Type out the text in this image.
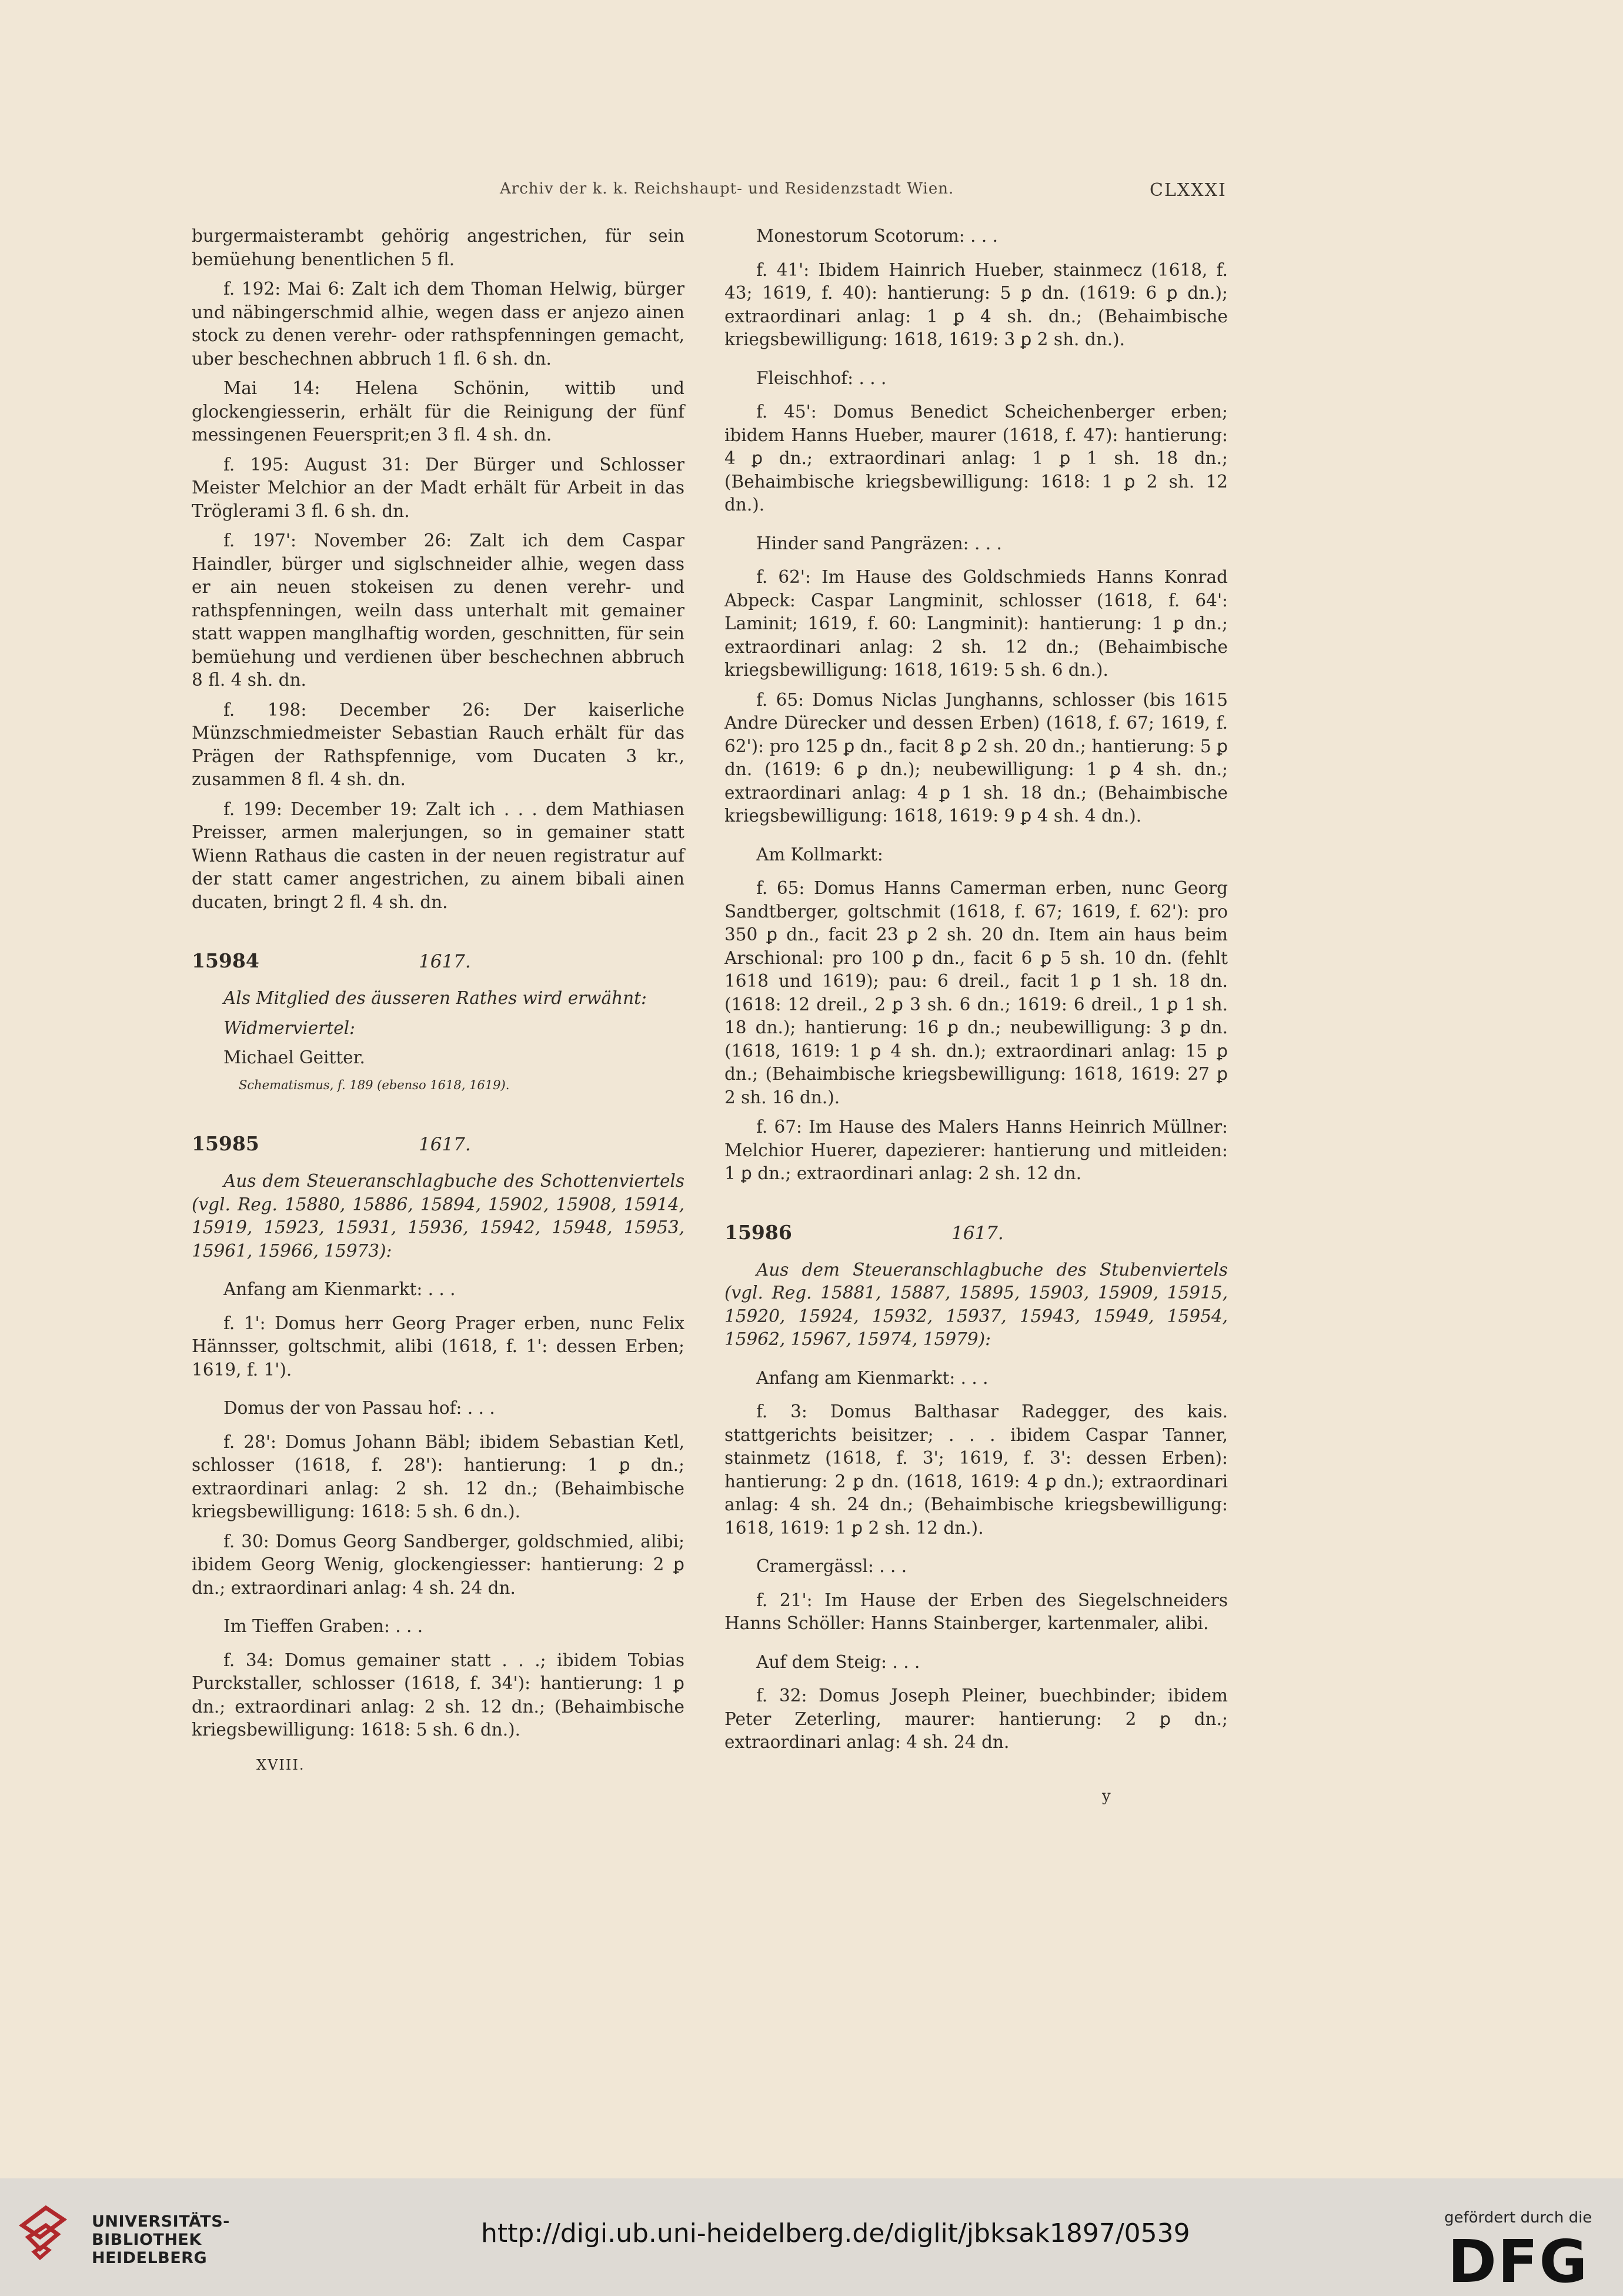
Archiv der k. k. Reichshaupt- und Residenzstadt Wien.	CLXXXI

burgermaisterambt gehörig angestrichen, für sein bemüehung benentlichen 5 fl.

f. 192: Mai 6: Zalt ich dem Thoman Helwig, bürger und näbingerschmid alhie, wegen dass er anjezo ainen stock zu denen verehr- oder rathspfenningen gemacht, uber beschechnen abbruch 1 fl. 6 sh. dn.

Mai 14: Helena Schönin, wittib und glockengiesserin, erhält für die Reinigung der fünf messingenen Feuersprit;en 3 fl. 4 sh. dn.

f. 195: August 31: Der Bürger und Schlosser Meister Melchior an der Madt erhält für Arbeit in das Tröglerami 3 fl. 6 sh. dn.

f. 197': November 26: Zalt ich dem Caspar Haindler, bürger und siglschneider alhie, wegen dass er ain neuen stokeisen zu denen verehr- und rathspfenningen, weiln dass unterhalt mit gemainer statt wappen manglhaftig worden, geschnitten, für sein bemüehung und verdienen über beschechnen abbruch 8 fl. 4 sh. dn.

f. 198: December 26: Der kaiserliche Münzschmiedmeister Sebastian Rauch erhält für das Prägen der Rathspfennige, vom Ducaten 3 kr., zusammen 8 fl. 4 sh. dn.

f. 199: December 19: Zalt ich . . . dem Mathiasen Preisser, armen malerjungen, so in gemainer statt Wienn Rathaus die casten in der neuen registratur auf der statt camer angestrichen, zu ainem bibali ainen ducaten, bringt 2 fl. 4 sh. dn.

15984	1617.

Als Mitglied des äusseren Rathes wird erwähnt:

Widmerviertel:

Michael Geitter.

Schematismus, f. 189 (ebenso 1618, 1619).
15985	1617.

Aus dem Steueranschlagbuche des Schottenviertels (vgl. Reg. 15880, 15886, 15894, 15902, 15908, 15914, 15919, 15923, 15931, 15936, 15942, 15948, 15953, 15961, 15966, 15973):

Anfang am Kienmarkt: . . .

f. 1': Domus herr Georg Prager erben, nunc Felix Hännsser, goltschmit, alibi (1618, f. 1': dessen Erben; 1619, f. 1').

Domus der von Passau hof: . . .

f. 28': Domus Johann Bäbl; ibidem Sebastian Ketl, schlosser (1618, f. 28'): hantierung: 1 ꝑ dn.; extraordinari anlag: 2 sh. 12 dn.; (Behaimbische kriegsbewilligung: 1618: 5 sh. 6 dn.).

f. 30: Domus Georg Sandberger, goldschmied, alibi; ibidem Georg Wenig, glockengiesser: hantierung: 2 ꝑ dn.; extraordinari anlag: 4 sh. 24 dn.

Im Tieffen Graben: . . .

f. 34: Domus gemainer statt . . .; ibidem Tobias Purckstaller, schlosser (1618, f. 34'): hantierung: 1 ꝑ dn.; extraordinari anlag: 2 sh. 12 dn.; (Behaimbische kriegsbewilligung: 1618: 5 sh. 6 dn.).

XVIII.

Monestorum Scotorum: . . .

f. 41': Ibidem Hainrich Hueber, stainmecz (1618, f. 43; 1619, f. 40): hantierung: 5 ꝑ dn. (1619: 6 ꝑ dn.); extraordinari anlag: 1 ꝑ 4 sh. dn.; (Behaimbische kriegsbewilligung: 1618, 1619: 3 ꝑ 2 sh. dn.).

Fleischhof: . . .

f. 45': Domus Benedict Scheichenberger erben; ibidem Hanns Hueber, maurer (1618, f. 47): hantierung: 4 ꝑ dn.; extraordinari anlag: 1 ꝑ 1 sh. 18 dn.; (Behaimbische kriegsbewilligung: 1618: 1 ꝑ 2 sh. 12 dn.).

Hinder sand Pangräzen: . . .

f. 62': Im Hause des Goldschmieds Hanns Konrad Abpeck: Caspar Langminit, schlosser (1618, f. 64': Laminit; 1619, f. 60: Langminit): hantierung: 1 ꝑ dn.; extraordinari anlag: 2 sh. 12 dn.; (Behaimbische kriegsbewilligung: 1618, 1619: 5 sh. 6 dn.).

f. 65: Domus Niclas Junghanns, schlosser (bis 1615 Andre Dürecker und dessen Erben) (1618, f. 67; 1619, f. 62'): pro 125 ꝑ dn., facit 8 ꝑ 2 sh. 20 dn.; hantierung: 5 ꝑ dn. (1619: 6 ꝑ dn.); neubewilligung: 1 ꝑ 4 sh. dn.; extraordinari anlag: 4 ꝑ 1 sh. 18 dn.; (Behaimbische kriegsbewilligung: 1618, 1619: 9 ꝑ 4 sh. 4 dn.).

Am Kollmarkt:

f. 65: Domus Hanns Camerman erben, nunc Georg Sandtberger, goltschmit (1618, f. 67; 1619, f. 62'): pro 350 ꝑ dn., facit 23 ꝑ 2 sh. 20 dn. Item ain haus beim Arschional: pro 100 ꝑ dn., facit 6 ꝑ 5 sh. 10 dn. (fehlt 1618 und 1619); pau: 6 dreil., facit 1 ꝑ 1 sh. 18 dn. (1618: 12 dreil., 2 ꝑ 3 sh. 6 dn.; 1619: 6 dreil., 1 ꝑ 1 sh. 18 dn.); hantierung: 16 ꝑ dn.; neubewilligung: 3 ꝑ dn. (1618, 1619: 1 ꝑ 4 sh. dn.); extraordinari anlag: 15 ꝑ dn.; (Behaimbische kriegsbewilligung: 1618, 1619: 27 ꝑ 2 sh. 16 dn.).

f. 67: Im Hause des Malers Hanns Heinrich Müllner: Melchior Huerer, dapezierer: hantierung und mitleiden: 1 ꝑ dn.; extraordinari anlag: 2 sh. 12 dn.

15986	1617.

Aus dem Steueranschlagbuche des Stubenviertels (vgl. Reg. 15881, 15887, 15895, 15903, 15909, 15915, 15920, 15924, 15932, 15937, 15943, 15949, 15954, 15962, 15967, 15974, 15979):

Anfang am Kienmarkt: . . .

f. 3: Domus Balthasar Radegger, des kais. stattgerichts beisitzer; . . . ibidem Caspar Tanner, stainmetz (1618, f. 3'; 1619, f. 3': dessen Erben): hantierung: 2 ꝑ dn. (1618, 1619: 4 ꝑ dn.); extraordinari anlag: 4 sh. 24 dn.; (Behaimbische kriegsbewilligung: 1618, 1619: 1 ꝑ 2 sh. 12 dn.).

Cramergässl: . . .

f. 21': Im Hause der Erben des Siegelschneiders Hanns Schöller: Hanns Stainberger, kartenmaler, alibi.

Auf dem Steig: . . .

f. 32: Domus Joseph Pleiner, buechbinder; ibidem Peter Zeterling, maurer: hantierung: 2 ꝑ dn.; extraordinari anlag: 4 sh. 24 dn.

y
UNIVERSITÄTS-
BIBLIOTHEK
HEIDELBERG
http://digi.ub.uni-heidelberg.de/diglit/jbksak1897/0539
gefördert durch die
DFG
